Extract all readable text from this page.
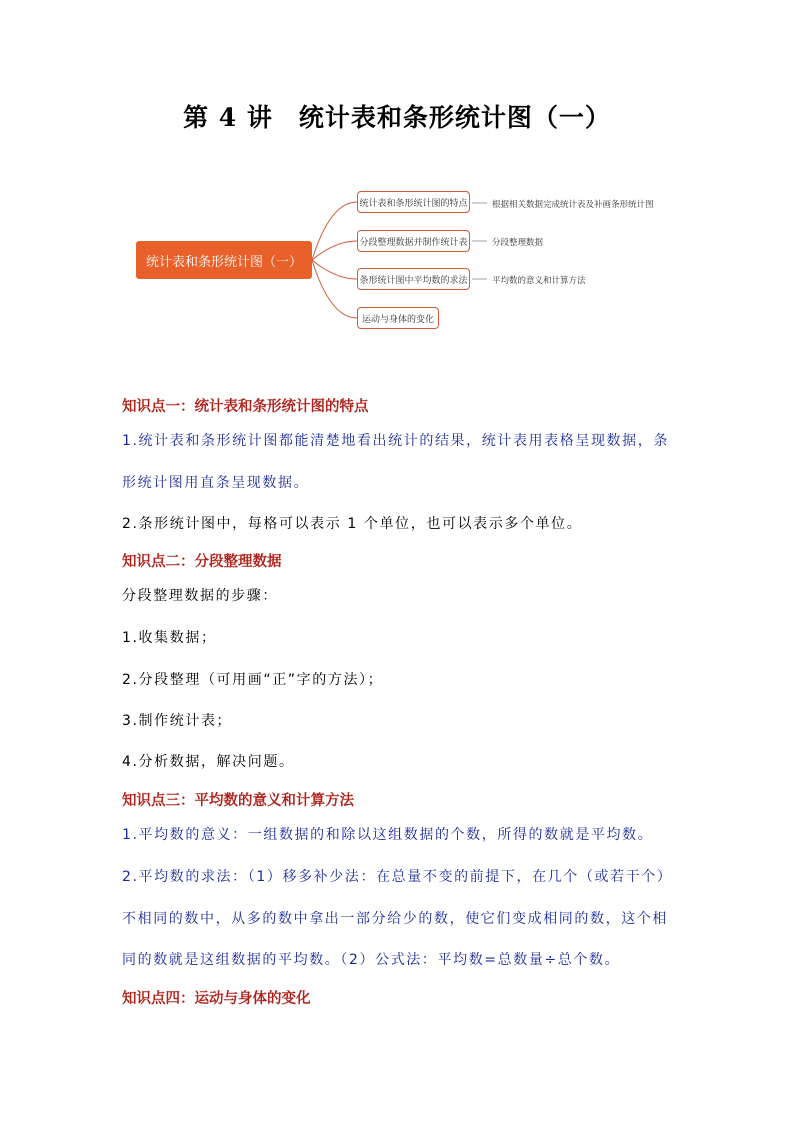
第 4 讲　统计表和条形统计图（一）
统计表和条形统计图（一）
统计表和条形统计图的特点
分段整理数据并制作统计表
条形统计图中平均数的求法
运动与身体的变化
根据相关数据完成统计表及补画条形统计图
分段整理数据
平均数的意义和计算方法
知识点一：统计表和条形统计图的特点
1.统计表和条形统计图都能清楚地看出统计的结果，统计表用表格呈现数据，条
形统计图用直条呈现数据。
2.条形统计图中，每格可以表示 1 个单位，也可以表示多个单位。
知识点二：分段整理数据
分段整理数据的步骤：
1.收集数据；
2.分段整理（可用画“正”字的方法）；
3.制作统计表；
4.分析数据，解决问题。
知识点三：平均数的意义和计算方法
1.平均数的意义：一组数据的和除以这组数据的个数，所得的数就是平均数。
2.平均数的求法：（1）移多补少法：在总量不变的前提下，在几个（或若干个）
不相同的数中，从多的数中拿出一部分给少的数，使它们变成相同的数，这个相
同的数就是这组数据的平均数。（2）公式法：平均数=总数量÷总个数。
知识点四：运动与身体的变化
